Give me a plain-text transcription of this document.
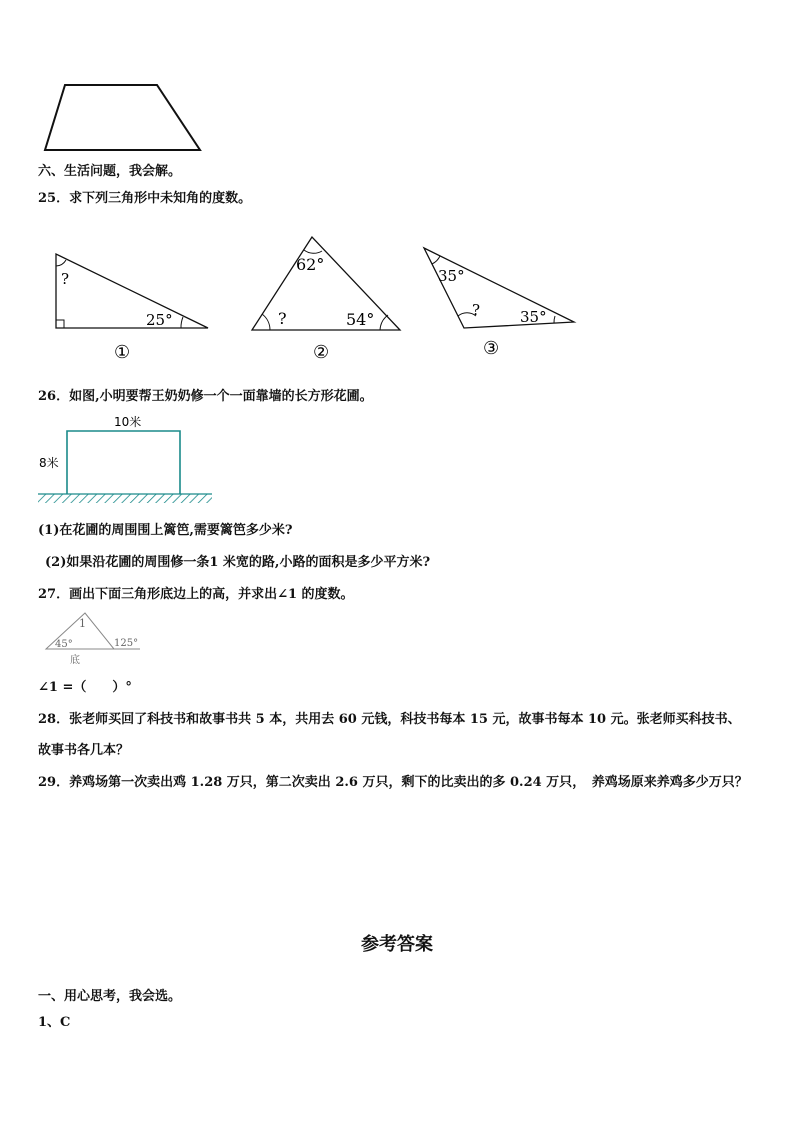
六、生活问题，我会解。
25．求下列三角形中未知角的度数。
?
25°
①
62°
?	54°
②
35°
?	35°
③
26．如图,小明要帮王奶奶修一个一面靠墙的长方形花圃。
10米
8米
(1)在花圃的周围围上篱笆,需要篱笆多少米?
(2)如果沿花圃的周围修一条1 米宽的路,小路的面积是多少平方米?
27．画出下面三角形底边上的高，并求出∠1 的度数。
1
45°	125°
底
∠1 =（　　）°
28．张老师买回了科技书和故事书共 5 本，共用去 60 元钱，科技书每本 15 元，故事书每本 10 元。张老师买科技书、
故事书各几本？
29．养鸡场第一次卖出鸡 1.28 万只，第二次卖出 2.6 万只，剩下的比卖出的多 0.24 万只，　养鸡场原来养鸡多少万只？
参考答案
一、用心思考，我会选。
1、C
